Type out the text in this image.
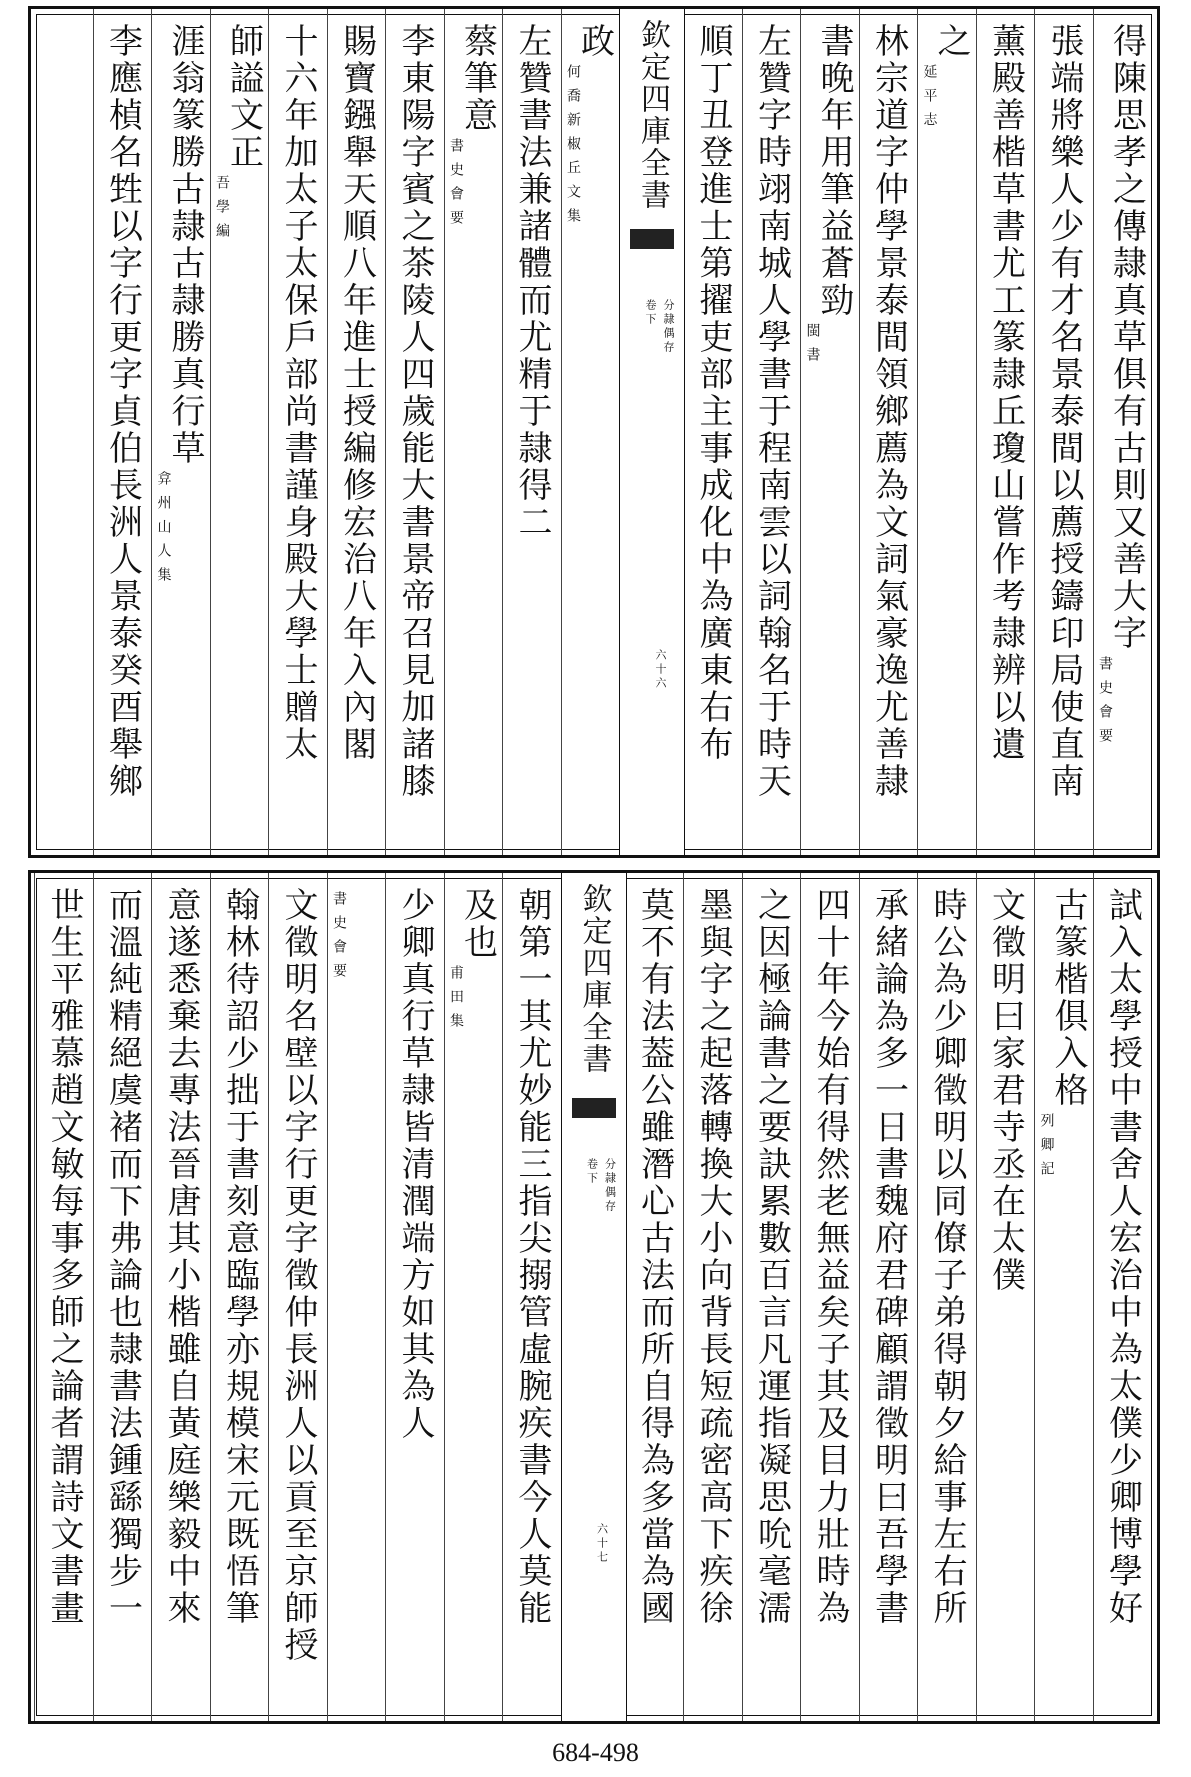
得陳思孝之傳隷真草俱有古則又善大字
書史會要
張端將樂人少有才名景泰間以薦授鑄印局使直南
薰殿善楷草書尤工篆隷丘瓊山嘗作考隷辨以遺
之
延平志
林宗道字仲學景泰間領鄉薦為文詞氣豪逸尤善隷
書晚年用筆益蒼勁
閩書
左贊字時翊南城人學書于程南雲以詞翰名于時天
順丁丑登進士第擢吏部主事成化中為廣東右布
政
何喬新椒丘文集
左贊書法兼諸體而尤精于隷得二
蔡筆意
書史會要
李東陽字賓之茶陵人四歲能大書景帝召見加諸膝
賜寶鏹舉天順八年進士授編修宏治八年入內閣
十六年加太子太保戶部尚書謹身殿大學士贈太
師謚文正
吾學編
涯翁篆勝古隷古隷勝真行草
弇州山人集
李應楨名甡以字行更字貞伯長洲人景泰癸酉舉鄉	欽定四庫全書
分隷偶存
卷下
六十六
試入太學授中書舍人宏治中為太僕少卿博學好
古篆楷俱入格
列卿記
文徵明曰家君寺丞在太僕
時公為少卿徵明以同僚子弟得朝夕給事左右所
承緒論為多一日書魏府君碑顧謂徵明曰吾學書
四十年今始有得然老無益矣子其及目力壯時為
之因極論書之要訣累數百言凡運指凝思吮毫濡
墨與字之起落轉換大小向背長短疏密高下疾徐
莫不有法葢公雖潛心古法而所自得為多當為國
朝第一其尤妙能三指尖搦管虛腕疾書今人莫能
及也
甫田集
少卿真行草隷皆清潤端方如其為人
書史會要
文徵明名壁以字行更字徵仲長洲人以貢至京師授
翰林待詔少拙于書刻意臨學亦規模宋元既悟筆
意遂悉棄去專法晉唐其小楷雖自黃庭樂毅中來
而溫純精絕虞褚而下弗論也隷書法鍾繇獨步一
世生平雅慕趙文敏每事多師之論者謂詩文書畫	欽定四庫全書
分隷偶存
卷下
六十七
684-498
